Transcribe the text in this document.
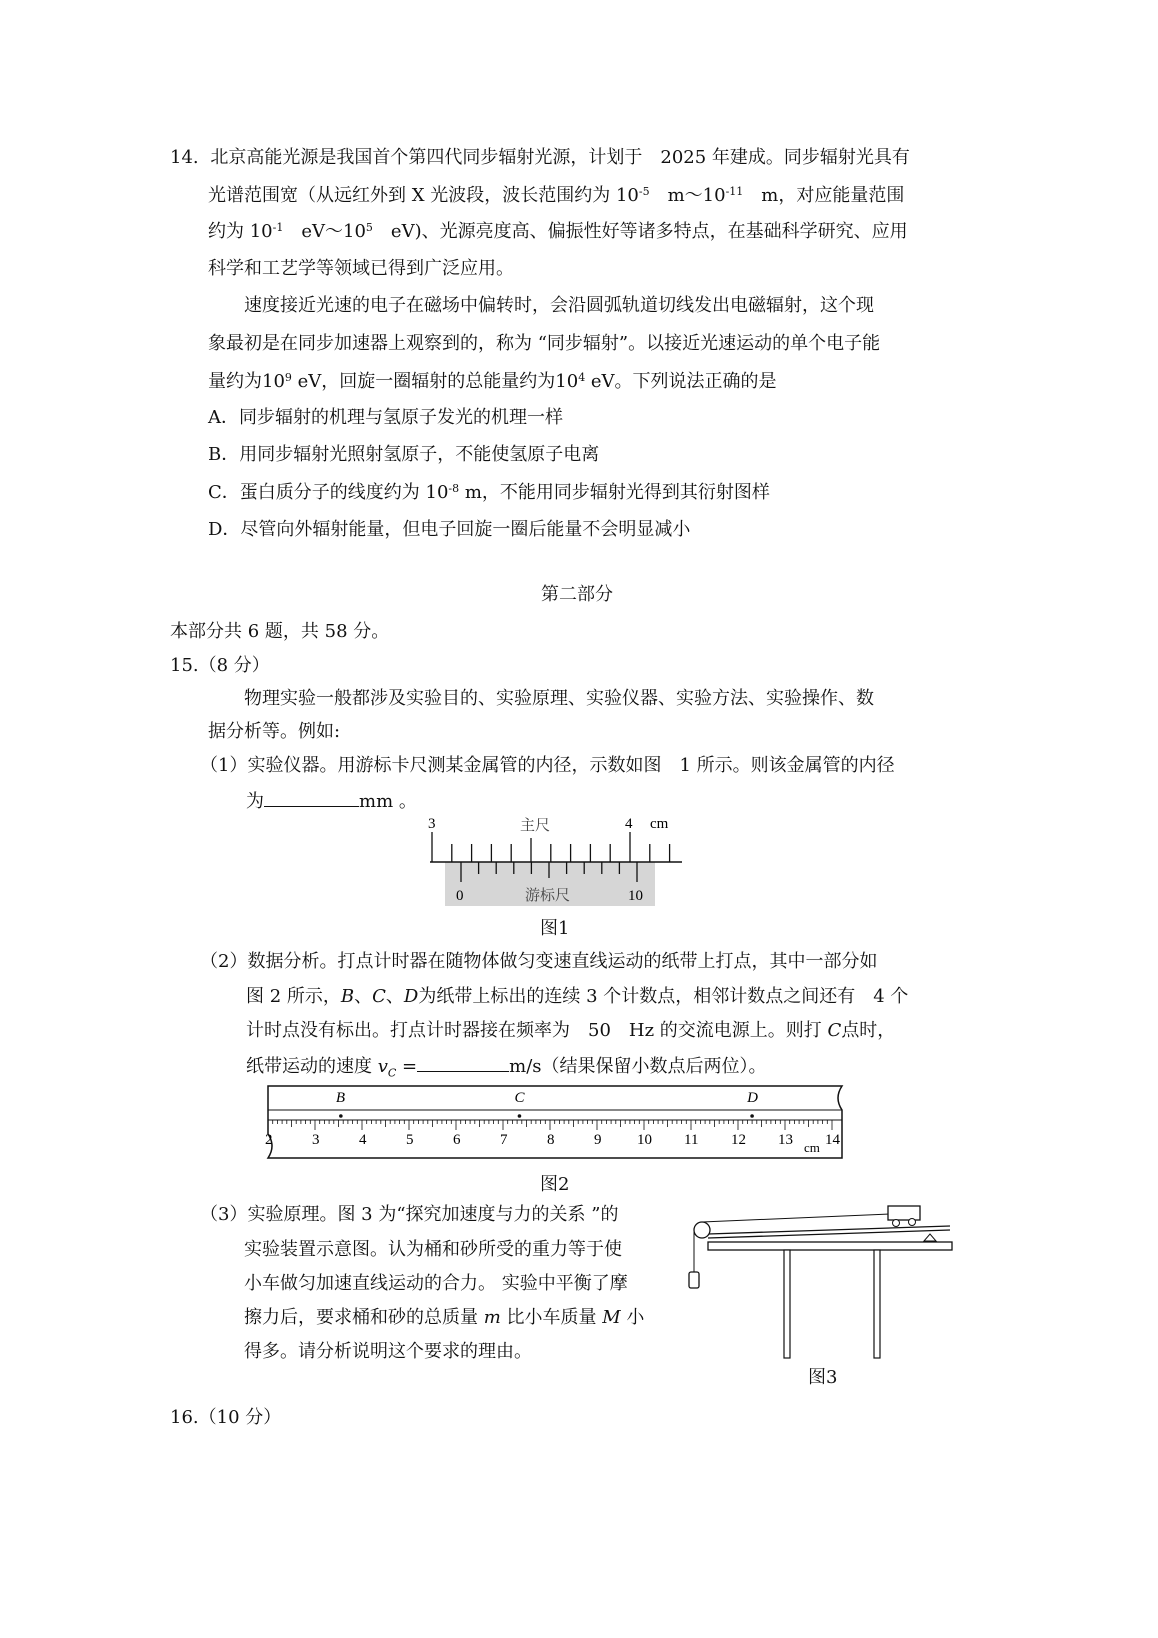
14. 北京高能光源是我国首个第四代同步辐射光源，计划于　2025 年建成。同步辐射光具有
光谱范围宽（从远红外到 X 光波段，波长范围约为 $10^{-5}$　$m\sim 10^{-11}$　m，对应能量范围
约为 $10^{-1}$　$eV\sim 10^5$　eV)、光源亮度高、偏振性好等诸多特点，在基础科学研究、应用
科学和工艺学等领域已得到广泛应用。
速度接近光速的电子在磁场中偏转时，会沿圆弧轨道切线发出电磁辐射，这个现
象最初是在同步加速器上观察到的，称为 “同步辐射”。以接近光速运动的单个电子能
量约为$10^9$ eV，回旋一圈辐射的总能量约为$10^4$ eV。下列说法正确的是
A．同步辐射的机理与氢原子发光的机理一样
B．用同步辐射光照射氢原子，不能使氢原子电离
C．蛋白质分子的线度约为 $10^{-8}$ m，不能用同步辐射光得到其衍射图样
D．尽管向外辐射能量，但电子回旋一圈后能量不会明显减小
第二部分
本部分共 6 题，共 58 分。
15.（8 分）
物理实验一般都涉及实验目的、实验原理、实验仪器、实验方法、实验操作、数
据分析等。例如:
（1）实验仪器。用游标卡尺测某金属管的内径，示数如图　1 所示。则该金属管的内径
为	mm 。
3	4 cm
主尺
0	游标尺	10
图1
（2）数据分析。打点计时器在随物体做匀变速直线运动的纸带上打点，其中一部分如
图 2 所示，B、C、D为纸带上标出的连续 3 个计数点，相邻计数点之间还有　4 个
计时点没有标出。打点计时器接在频率为　50　Hz 的交流电源上。则打 C点时，
纸带运动的速度 $v_C$ =	m/s（结果保留小数点后两位）。
2	3	4	5	6	7	8	9 10 11 12 13 14
B	C	D
cm
图2
（3）实验原理。图 3 为“探究加速度与力的关系 ”的
实验装置示意图。认为桶和砂所受的重力等于使
小车做匀加速直线运动的合力。 实验中平衡了摩
擦力后，要求桶和砂的总质量 m 比小车质量 M 小
得多。请分析说明这个要求的理由。
图3
16.（10 分）
